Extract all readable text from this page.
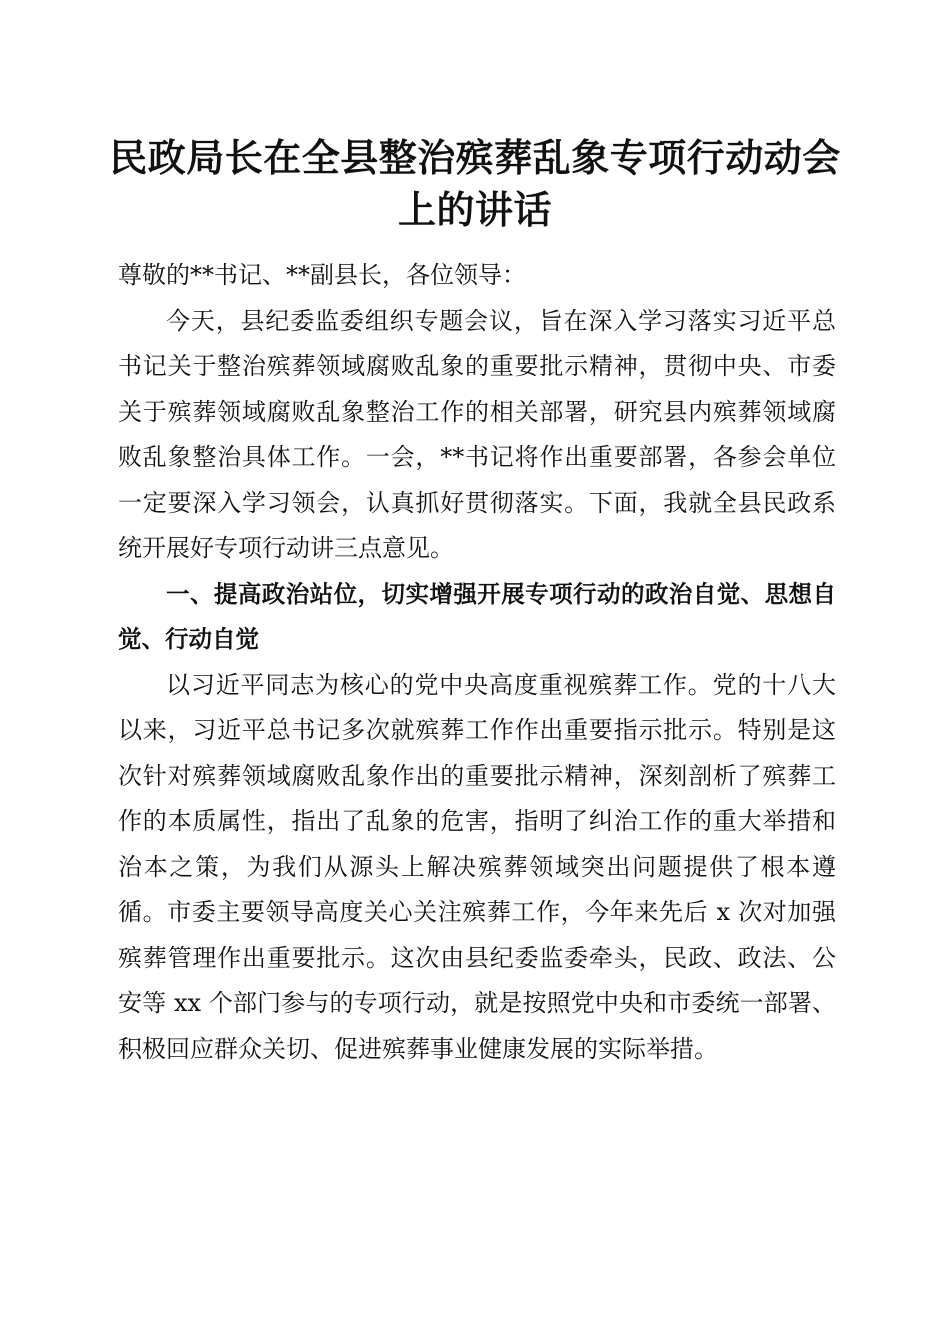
民政局长在全县整治殡葬乱象专项行动动会上的讲话

尊敬的**书记、**副县长，各位领导：

今天，县纪委监委组织专题会议，旨在深入学习落实习近平总书记关于整治殡葬领域腐败乱象的重要批示精神，贯彻中央、市委关于殡葬领域腐败乱象整治工作的相关部署，研究县内殡葬领域腐败乱象整治具体工作。一会，**书记将作出重要部署，各参会单位一定要深入学习领会，认真抓好贯彻落实。下面，我就全县民政系统开展好专项行动讲三点意见。

一、提高政治站位，切实增强开展专项行动的政治自觉、思想自觉、行动自觉

以习近平同志为核心的党中央高度重视殡葬工作。党的十八大以来，习近平总书记多次就殡葬工作作出重要指示批示。特别是这次针对殡葬领域腐败乱象作出的重要批示精神，深刻剖析了殡葬工作的本质属性，指出了乱象的危害，指明了纠治工作的重大举措和治本之策，为我们从源头上解决殡葬领域突出问题提供了根本遵循。市委主要领导高度关心关注殡葬工作，今年来先后 x 次对加强殡葬管理作出重要批示。这次由县纪委监委牵头，民政、政法、公安等 xx 个部门参与的专项行动，就是按照党中央和市委统一部署、积极回应群众关切、促进殡葬事业健康发展的实际举措。
